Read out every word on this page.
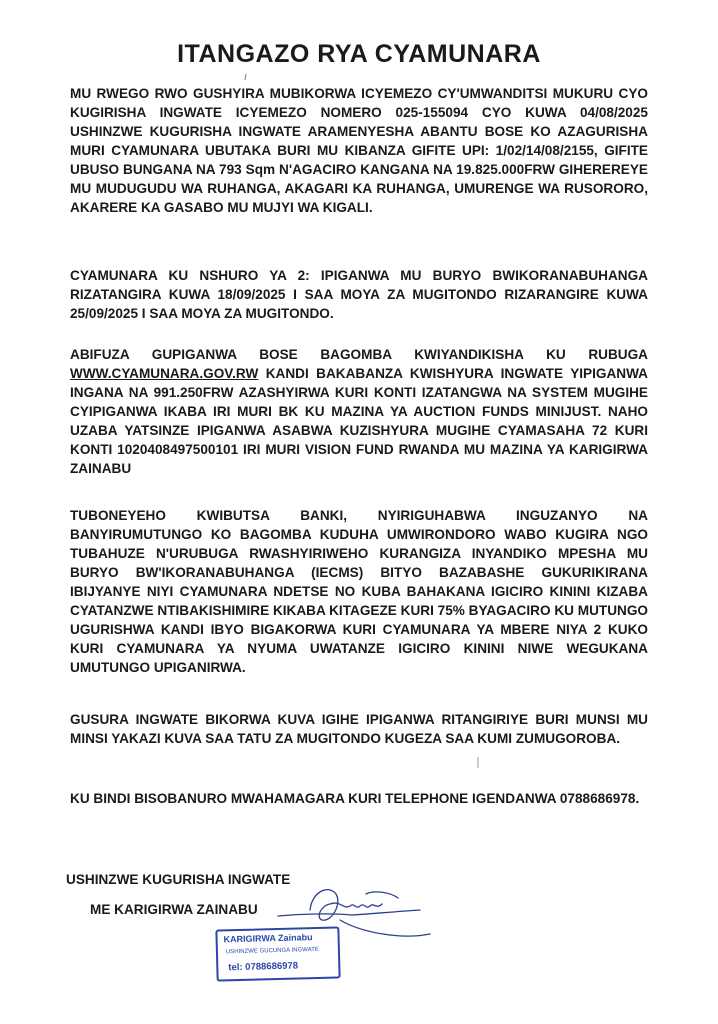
ITANGAZO RYA CYAMUNARA

MU RWEGO RWO GUSHYIRA MUBIKORWA ICYEMEZO CY'UMWANDITSI MUKURU CYO KUGIRISHA INGWATE ICYEMEZO NOMERO 025-155094 CYO KUWA 04/08/2025 USHINZWE KUGURISHA INGWATE ARAMENYESHA ABANTU BOSE KO AZAGURISHA MURI CYAMUNARA UBUTAKA BURI MU KIBANZA GIFITE UPI: 1/02/14/08/2155, GIFITE UBUSO BUNGANA NA 793 Sqm N'AGACIRO KANGANA NA 19.825.000FRW GIHEREREYE MU MUDUGUDU WA RUHANGA, AKAGARI KA RUHANGA, UMURENGE WA RUSORORO, AKARERE KA GASABO MU MUJYI WA KIGALI.

CYAMUNARA KU NSHURO YA 2: IPIGANWA MU BURYO BWIKORANABUHANGA RIZATANGIRA KUWA 18/09/2025 I SAA MOYA ZA MUGITONDO RIZARANGIRE KUWA 25/09/2025 I SAA MOYA ZA MUGITONDO.

ABIFUZA GUPIGANWA BOSE BAGOMBA KWIYANDIKISHA KU RUBUGA WWW.CYAMUNARA.GOV.RW KANDI BAKABANZA KWISHYURA INGWATE YIPIGANWA INGANA NA 991.250FRW AZASHYIRWA KURI KONTI IZATANGWA NA SYSTEM MUGIHE CYIPIGANWA IKABA IRI MURI BK KU MAZINA YA AUCTION FUNDS MINIJUST. NAHO UZABA YATSINZE IPIGANWA ASABWA KUZISHYURA MUGIHE CYAMASAHA 72 KURI KONTI 1020408497500101 IRI MURI VISION FUND RWANDA MU MAZINA YA KARIGIRWA ZAINABU

TUBONEYEHO KWIBUTSA BANKI, NYIRIGUHABWA INGUZANYO NA BANYIRUMUTUNGO KO BAGOMBA KUDUHA UMWIRONDORO WABO KUGIRA NGO TUBAHUZE N'URUBUGA RWASHYIRIWEHO KURANGIZA INYANDIKO MPESHA MU BURYO BW'IKORANABUHANGA (IECMS) BITYO BAZABASHE GUKURIKIRANA IBIJYANYE NIYI CYAMUNARA NDETSE NO KUBA BAHAKANA IGICIRO KININI KIZABA CYATANZWE NTIBAKISHIMIRE KIKABA KITAGEZE KURI 75% BYAGACIRO KU MUTUNGO UGURISHWA KANDI IBYO BIGAKORWA KURI CYAMUNARA YA MBERE NIYA 2 KUKO KURI CYAMUNARA YA NYUMA UWATANZE IGICIRO KININI NIWE WEGUKANA UMUTUNGO UPIGANIRWA.

GUSURA INGWATE BIKORWA KUVA IGIHE IPIGANWA RITANGIRIYE BURI MUNSI MU MINSI YAKAZI KUVA SAA TATU ZA MUGITONDO KUGEZA SAA KUMI ZUMUGOROBA.

KU BINDI BISOBANURO MWAHAMAGARA KURI TELEPHONE IGENDANWA 0788686978.

USHINZWE KUGURISHA INGWATE

ME KARIGIRWA ZAINABU

KARIGIRWA Zainabu
USHINZWE GUCUNGA INGWATE
tel: 0788686978
